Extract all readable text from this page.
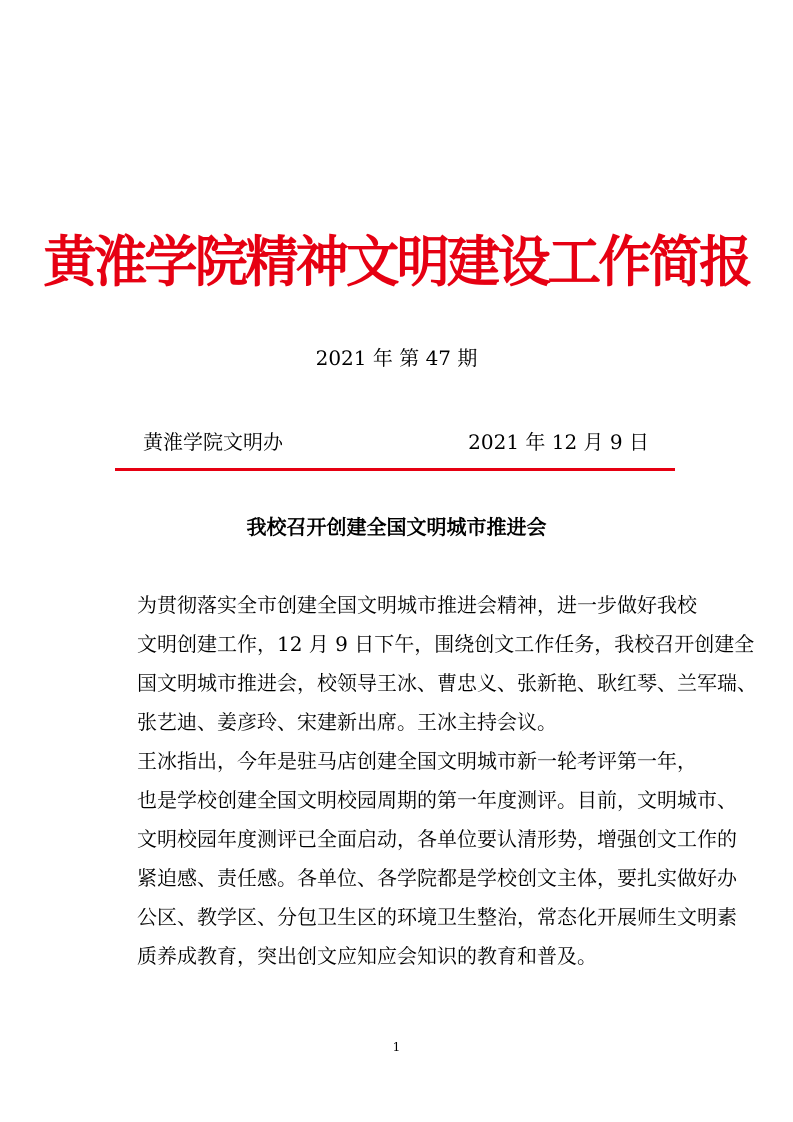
黄淮学院精神文明建设工作简报
2021 年 第 47 期
黄淮学院文明办	2021 年 12 月 9 日
我校召开创建全国文明城市推进会

为贯彻落实全市创建全国文明城市推进会精神，进一步做好我校
文明创建工作，12 月 9 日下午，围绕创文工作任务，我校召开创建全
国文明城市推进会，校领导王冰、曹忠义、张新艳、耿红琴、兰军瑞、
张艺迪、姜彦玲、宋建新出席。王冰主持会议。

王冰指出，今年是驻马店创建全国文明城市新一轮考评第一年，
也是学校创建全国文明校园周期的第一年度测评。目前，文明城市、
文明校园年度测评已全面启动，各单位要认清形势，增强创文工作的
紧迫感、责任感。各单位、各学院都是学校创文主体，要扎实做好办
公区、教学区、分包卫生区的环境卫生整治，常态化开展师生文明素
质养成教育，突出创文应知应会知识的教育和普及。

1
